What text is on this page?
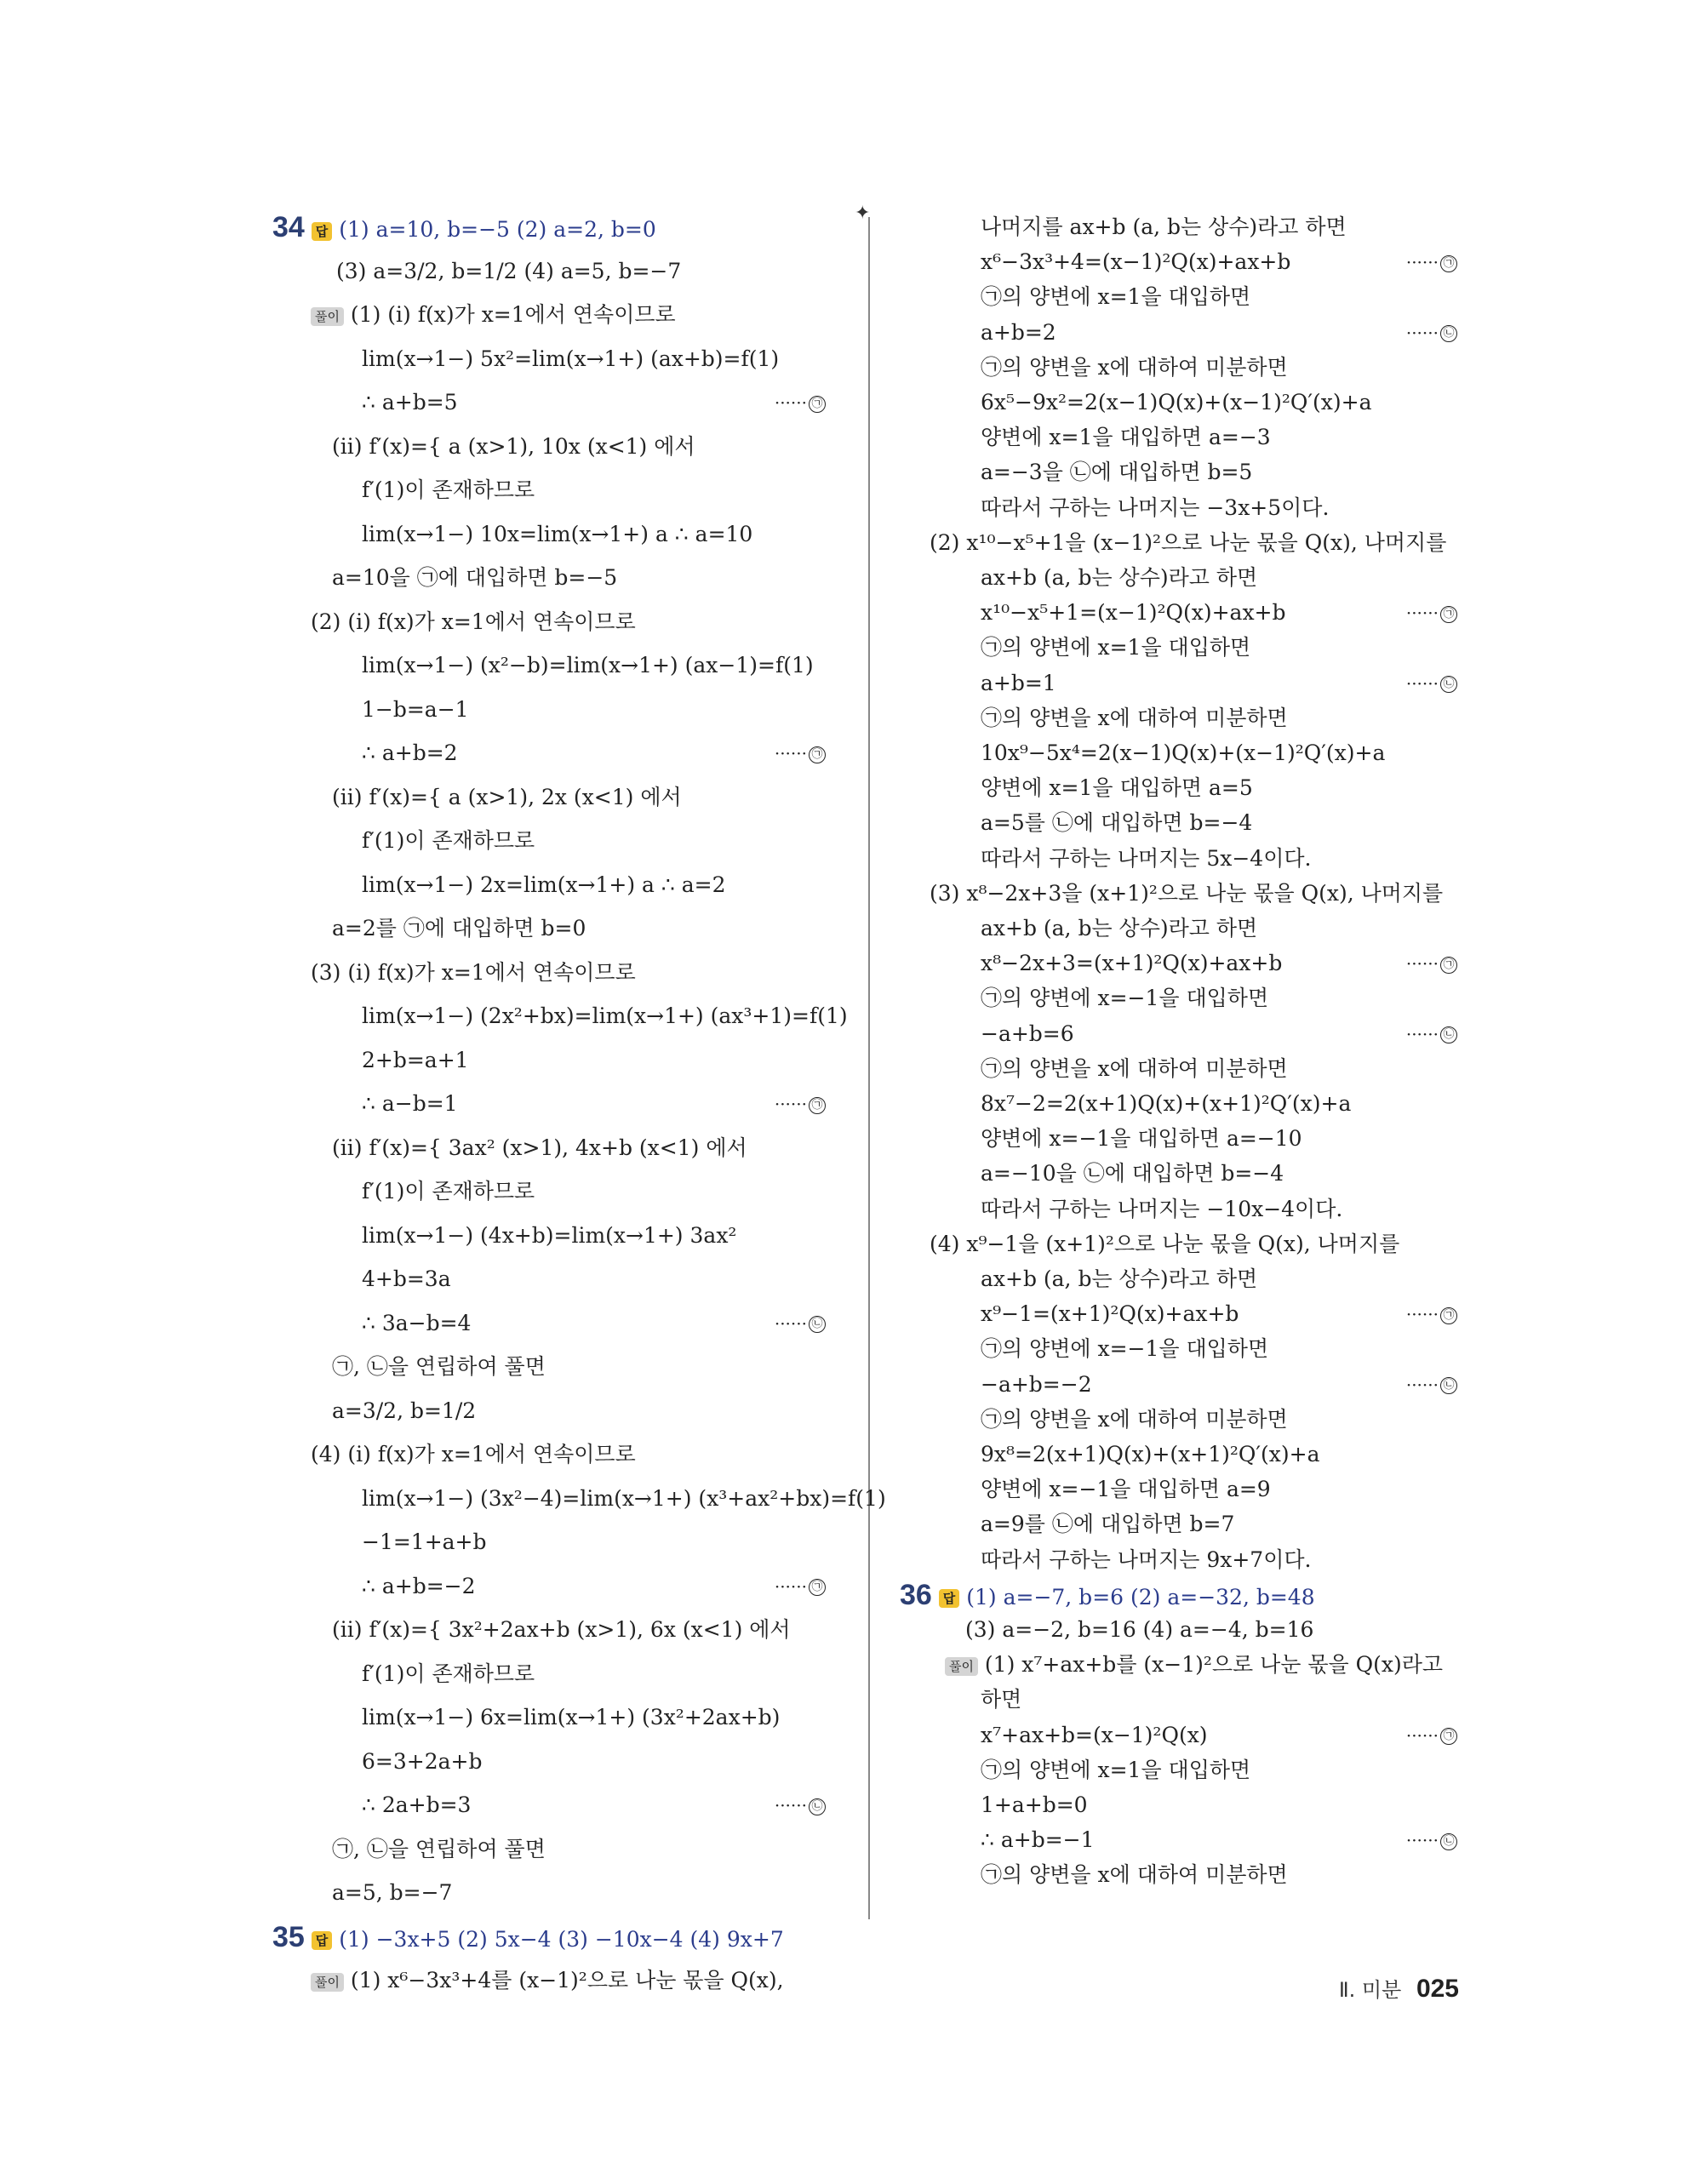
✦
34 답 (1) a=10, b=−5 (2) a=2, b=0
(3) a=3/2, b=1/2 (4) a=5, b=−7
풀이 (1) (ⅰ) f(x)가 x=1에서 연속이므로
lim(x→1−) 5x²=lim(x→1+) (ax+b)=f(1)
∴ a+b=5	······ ㉠
(ⅱ) f′(x)={ a (x>1), 10x (x<1) 에서
f′(1)이 존재하므로
lim(x→1−) 10x=lim(x→1+) a ∴ a=10
a=10을 ㉠에 대입하면 b=−5
(2) (ⅰ) f(x)가 x=1에서 연속이므로
lim(x→1−) (x²−b)=lim(x→1+) (ax−1)=f(1)
1−b=a−1
∴ a+b=2	······ ㉠
(ⅱ) f′(x)={ a (x>1), 2x (x<1) 에서
f′(1)이 존재하므로
lim(x→1−) 2x=lim(x→1+) a ∴ a=2
a=2를 ㉠에 대입하면 b=0
(3) (ⅰ) f(x)가 x=1에서 연속이므로
lim(x→1−) (2x²+bx)=lim(x→1+) (ax³+1)=f(1)
2+b=a+1
∴ a−b=1	······ ㉠
(ⅱ) f′(x)={ 3ax² (x>1), 4x+b (x<1) 에서
f′(1)이 존재하므로
lim(x→1−) (4x+b)=lim(x→1+) 3ax²
4+b=3a
∴ 3a−b=4	······ ㉡
㉠, ㉡을 연립하여 풀면
a=3/2, b=1/2
(4) (ⅰ) f(x)가 x=1에서 연속이므로
lim(x→1−) (3x²−4)=lim(x→1+) (x³+ax²+bx)=f(1)
−1=1+a+b
∴ a+b=−2	······ ㉠
(ⅱ) f′(x)={ 3x²+2ax+b (x>1), 6x (x<1) 에서
f′(1)이 존재하므로
lim(x→1−) 6x=lim(x→1+) (3x²+2ax+b)
6=3+2a+b
∴ 2a+b=3	······ ㉡
㉠, ㉡을 연립하여 풀면
a=5, b=−7
35 답 (1) −3x+5 (2) 5x−4 (3) −10x−4 (4) 9x+7
풀이 (1) x⁶−3x³+4를 (x−1)²으로 나눈 몫을 Q(x),
나머지를 ax+b (a, b는 상수)라고 하면
x⁶−3x³+4=(x−1)²Q(x)+ax+b	······ ㉠
㉠의 양변에 x=1을 대입하면
a+b=2	······ ㉡
㉠의 양변을 x에 대하여 미분하면
6x⁵−9x²=2(x−1)Q(x)+(x−1)²Q′(x)+a
양변에 x=1을 대입하면 a=−3
a=−3을 ㉡에 대입하면 b=5
따라서 구하는 나머지는 −3x+5이다.
(2) x¹⁰−x⁵+1을 (x−1)²으로 나눈 몫을 Q(x), 나머지를
ax+b (a, b는 상수)라고 하면
x¹⁰−x⁵+1=(x−1)²Q(x)+ax+b	······ ㉠
㉠의 양변에 x=1을 대입하면
a+b=1	······ ㉡
㉠의 양변을 x에 대하여 미분하면
10x⁹−5x⁴=2(x−1)Q(x)+(x−1)²Q′(x)+a
양변에 x=1을 대입하면 a=5
a=5를 ㉡에 대입하면 b=−4
따라서 구하는 나머지는 5x−4이다.
(3) x⁸−2x+3을 (x+1)²으로 나눈 몫을 Q(x), 나머지를
ax+b (a, b는 상수)라고 하면
x⁸−2x+3=(x+1)²Q(x)+ax+b	······ ㉠
㉠의 양변에 x=−1을 대입하면
−a+b=6	······ ㉡
㉠의 양변을 x에 대하여 미분하면
8x⁷−2=2(x+1)Q(x)+(x+1)²Q′(x)+a
양변에 x=−1을 대입하면 a=−10
a=−10을 ㉡에 대입하면 b=−4
따라서 구하는 나머지는 −10x−4이다.
(4) x⁹−1을 (x+1)²으로 나눈 몫을 Q(x), 나머지를
ax+b (a, b는 상수)라고 하면
x⁹−1=(x+1)²Q(x)+ax+b	······ ㉠
㉠의 양변에 x=−1을 대입하면
−a+b=−2	······ ㉡
㉠의 양변을 x에 대하여 미분하면
9x⁸=2(x+1)Q(x)+(x+1)²Q′(x)+a
양변에 x=−1을 대입하면 a=9
a=9를 ㉡에 대입하면 b=7
따라서 구하는 나머지는 9x+7이다.
36 답 (1) a=−7, b=6 (2) a=−32, b=48
(3) a=−2, b=16 (4) a=−4, b=16
풀이 (1) x⁷+ax+b를 (x−1)²으로 나눈 몫을 Q(x)라고
하면
x⁷+ax+b=(x−1)²Q(x)	······ ㉠
㉠의 양변에 x=1을 대입하면
1+a+b=0
∴ a+b=−1	······ ㉡
㉠의 양변을 x에 대하여 미분하면
Ⅱ. 미분 025
